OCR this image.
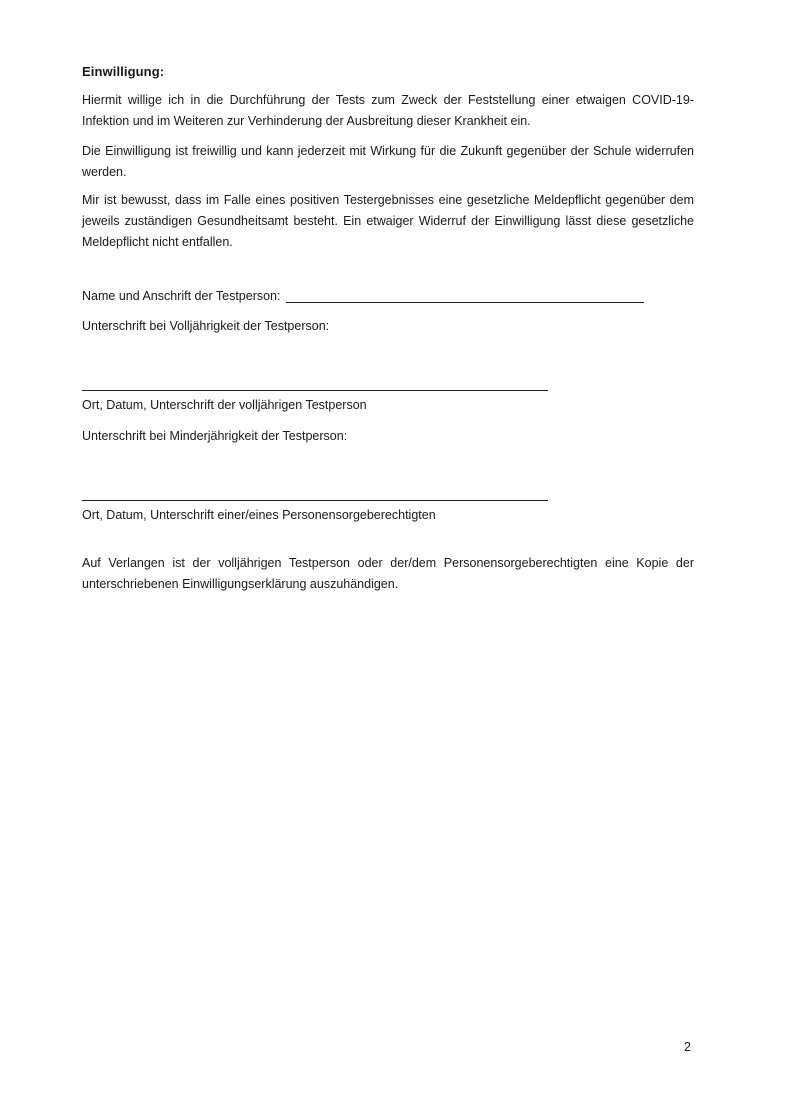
Einwilligung:

Hiermit willige ich in die Durchführung der Tests zum Zweck der Feststellung einer etwaigen COVID-19-Infektion und im Weiteren zur Verhinderung der Ausbreitung dieser Krankheit ein.

Die Einwilligung ist freiwillig und kann jederzeit mit Wirkung für die Zukunft gegenüber der Schule widerrufen werden.

Mir ist bewusst, dass im Falle eines positiven Testergebnisses eine gesetzliche Meldepflicht gegenüber dem jeweils zuständigen Gesundheitsamt besteht. Ein etwaiger Widerruf der Einwilligung lässt diese gesetzliche Meldepflicht nicht entfallen.

Name und Anschrift der Testperson:
Unterschrift bei Volljährigkeit der Testperson:
Ort, Datum, Unterschrift der volljährigen Testperson
Unterschrift bei Minderjährigkeit der Testperson:
Ort, Datum, Unterschrift einer/eines Personensorgeberechtigten

Auf Verlangen ist der volljährigen Testperson oder der/dem Personensorgeberechtigten eine Kopie der unterschriebenen Einwilligungserklärung auszuhändigen.

2
